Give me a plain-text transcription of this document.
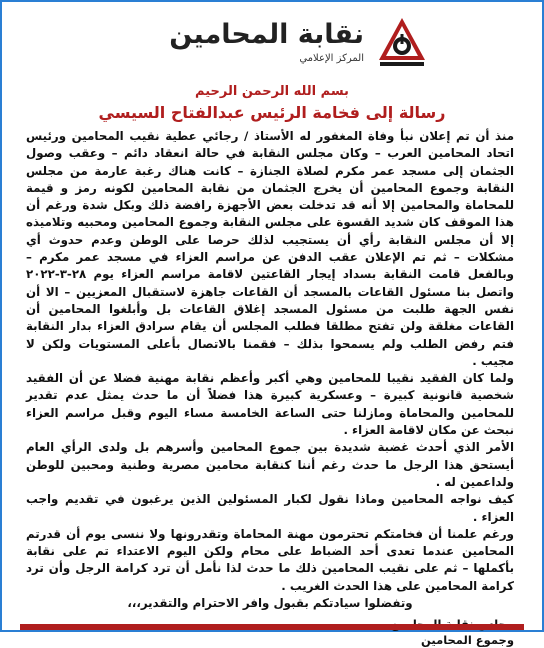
نقابة المحامين
المركز الإعلامي
بسم الله الرحمن الرحيم
رسالة إلى فخامة الرئيس عبدالفتاح السيسي

منذ أن تم إعلان نبأ وفاة المغفور له الأستاذ / رجائي عطية نقيب المحامين ورئيس اتحاد المحامين العرب – وكان مجلس النقابة في حالة انعقاد دائم – وعقب وصول الجثمان إلى مسجد عمر مكرم لصلاة الجنازة – كانت هناك رغبة عارمة من مجلس النقابة وجموع المحامين أن يخرج الجثمان من نقابة المحامين لكونه رمز و قيمة للمحاماة والمحامين إلا أنه قد تدخلت بعض الأجهزة رافضة ذلك وبكل شدة ورغم أن هذا الموقف كان شديد القسوة على مجلس النقابة وجموع المحامين ومحبيه وتلاميذه إلا أن مجلس النقابة رأي أن يستجيب لذلك حرصا على الوطن وعدم حدوث أي مشكلات – ثم تم الإعلان عقب الدفن عن مراسم العزاء في مسجد عمر مكرم – وبالفعل قامت النقابة بسداد إيجار القاعتين لاقامة مراسم العزاء يوم ٢٨-٣-٢٠٢٢ واتصل بنا مسئول القاعات بالمسجد أن القاعات جاهزة لاستقبال المعزيين – الا أن نفس الجهة طلبت من مسئول المسجد إغلاق القاعات بل وأبلغوا المحامين أن القاعات مغلقة ولن تفتح مطلقا فطلب المجلس أن يقام سرادق العزاء بدار النقابة فتم رفض الطلب ولم يسمحوا بذلك – فقمنا بالاتصال بأعلى المستويات ولكن لا مجيب .

ولما كان الفقيد نقيبا للمحامين وهي أكبر وأعظم نقابة مهنية فضلا عن أن الفقيد شخصية قانونية كبيرة – وعسكرية كبيرة هذا فضلاً أن ما حدث يمثل عدم تقدير للمحامين والمحاماة ومازلنا حتى الساعة الخامسة مساء اليوم وقبل مراسم العزاء نبحث عن مكان لاقامة العزاء .

الأمر الذي أحدث غضبة شديدة بين جموع المحامين وأسرهم بل ولدى الرأي العام أيستحق هذا الرجل ما حدث رغم أننا كنقابة محامين مصرية وطنية ومحبين للوطن ولداعمين له .

كيف نواجه المحامين وماذا نقول لكبار المسئولين الذين يرغبون في تقديم واجب العزاء .

ورغم علمنا أن فخامتكم تحترمون مهنة المحاماة وتقدرونها ولا ننسى يوم أن قدرتم المحامين عندما تعدى أحد الضباط على محام ولكن اليوم الاعتداء تم على نقابة بأكملها – ثم على نقيب المحامين ذلك ما حدث لذا نأمل أن ترد كرامة الرجل وأن ترد كرامة المحامين على هذا الحدث الغريب .

وتفضلوا سيادتكم بقبول وافر الاحترام والتقدير،،،

وجموع المحامين
